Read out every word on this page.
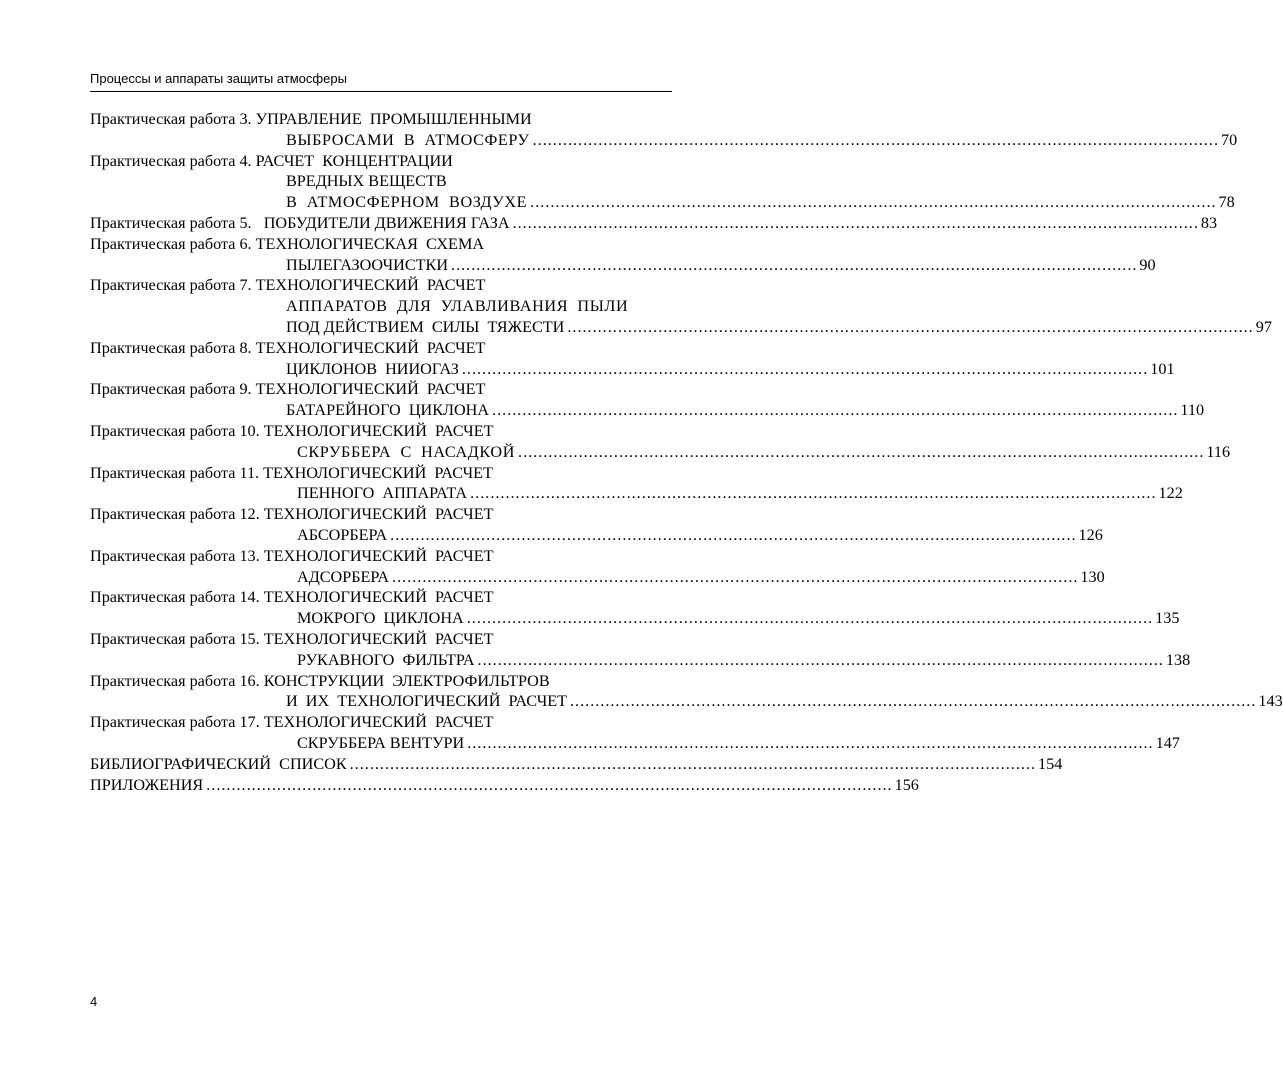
Процессы и аппараты защиты атмосферы
Практическая работа 3. УПРАВЛЕНИЕ  ПРОМЫШЛЕННЫМИ
ВЫБРОСАМИ  В  АТМОСФЕРУ ........................................................................................................................................ 70
Практическая работа 4. РАСЧЕТ  КОНЦЕНТРАЦИИ
ВРЕДНЫХ ВЕЩЕСТВ
В  АТМОСФЕРНОМ  ВОЗДУХЕ ........................................................................................................................................ 78
Практическая работа 5.   ПОБУДИТЕЛИ ДВИЖЕНИЯ ГАЗА ........................................................................................................................................ 83
Практическая работа 6. ТЕХНОЛОГИЧЕСКАЯ  СХЕМА
ПЫЛЕГАЗООЧИСТКИ ........................................................................................................................................ 90
Практическая работа 7. ТЕХНОЛОГИЧЕСКИЙ  РАСЧЕТ
АППАРАТОВ  ДЛЯ  УЛАВЛИВАНИЯ  ПЫЛИ
ПОД ДЕЙСТВИЕМ  СИЛЫ  ТЯЖЕСТИ ........................................................................................................................................ 97
Практическая работа 8. ТЕХНОЛОГИЧЕСКИЙ  РАСЧЕТ
ЦИКЛОНОВ  НИИОГАЗ ........................................................................................................................................ 101
Практическая работа 9. ТЕХНОЛОГИЧЕСКИЙ  РАСЧЕТ
БАТАРЕЙНОГО  ЦИКЛОНА ........................................................................................................................................ 110
Практическая работа 10. ТЕХНОЛОГИЧЕСКИЙ  РАСЧЕТ
СКРУББЕРА  С  НАСАДКОЙ ........................................................................................................................................ 116
Практическая работа 11. ТЕХНОЛОГИЧЕСКИЙ  РАСЧЕТ
ПЕННОГО  АППАРАТА ........................................................................................................................................ 122
Практическая работа 12. ТЕХНОЛОГИЧЕСКИЙ  РАСЧЕТ
АБСОРБЕРА ........................................................................................................................................ 126
Практическая работа 13. ТЕХНОЛОГИЧЕСКИЙ  РАСЧЕТ
АДСОРБЕРА ........................................................................................................................................ 130
Практическая работа 14. ТЕХНОЛОГИЧЕСКИЙ  РАСЧЕТ
МОКРОГО  ЦИКЛОНА ........................................................................................................................................ 135
Практическая работа 15. ТЕХНОЛОГИЧЕСКИЙ  РАСЧЕТ
РУКАВНОГО  ФИЛЬТРА ........................................................................................................................................ 138
Практическая работа 16. КОНСТРУКЦИИ  ЭЛЕКТРОФИЛЬТРОВ
И  ИХ  ТЕХНОЛОГИЧЕСКИЙ  РАСЧЕТ ........................................................................................................................................ 143
Практическая работа 17. ТЕХНОЛОГИЧЕСКИЙ  РАСЧЕТ
СКРУББЕРА ВЕНТУРИ ........................................................................................................................................ 147
БИБЛИОГРАФИЧЕСКИЙ  СПИСОК ........................................................................................................................................ 154
ПРИЛОЖЕНИЯ ........................................................................................................................................ 156
4
